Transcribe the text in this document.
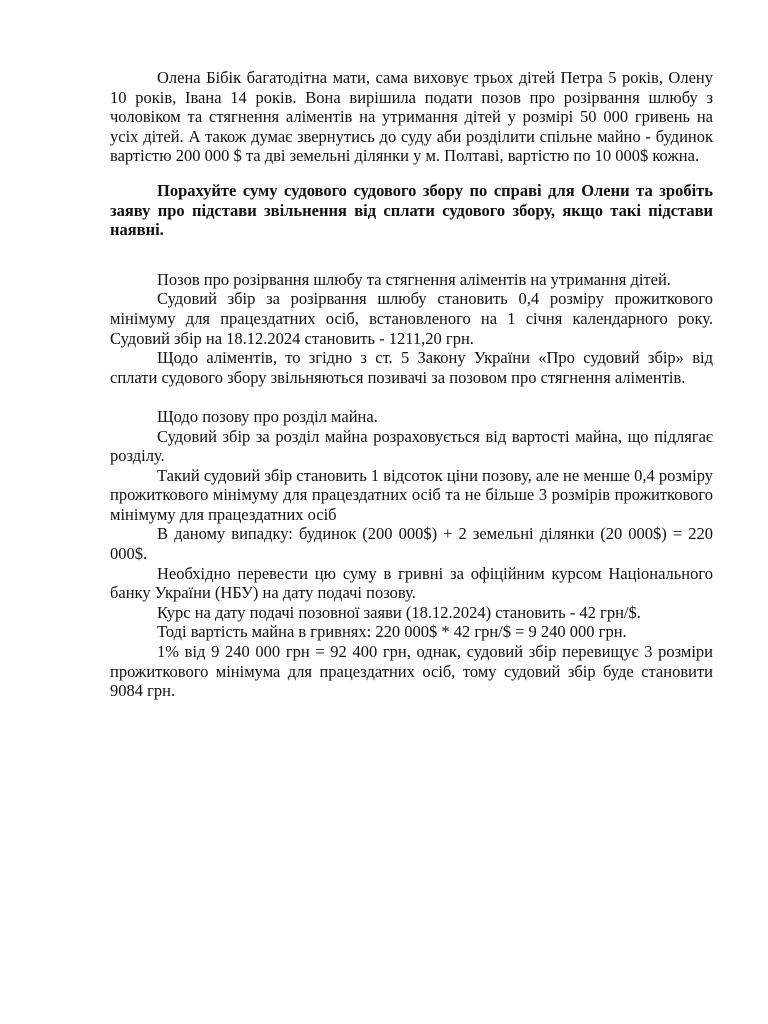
Олена Бібік багатодітна мати, сама виховує трьох дітей Петра 5 років, Олену 10 років, Івана 14 років. Вона вирішила подати позов про розірвання шлюбу з чоловіком та стягнення аліментів на утримання дітей у розмірі 50 000 гривень на усіх дітей. А також думає звернутись до суду аби розділити спільне майно - будинок вартістю 200 000 $ та дві земельні ділянки у м. Полтаві, вартістю по 10 000$ кожна.

Порахуйте суму судового судового збору по справі для Олени та зробіть заяву про підстави звільнення від сплати судового збору, якщо такі підстави наявні.

Позов про розірвання шлюбу та стягнення аліментів на утримання дітей.

Судовий збір за розірвання шлюбу становить 0,4 розміру прожиткового мінімуму для працездатних осіб, встановленого на 1 січня календарного року. Судовий збір на 18.12.2024 становить - 1211,20 грн.

Щодо аліментів, то згідно з ст. 5 Закону України «Про судовий збір» від сплати судового збору звільняються позивачі за позовом про стягнення аліментів.

Щодо позову про розділ майна.

Судовий збір за розділ майна розраховується від вартості майна, що підлягає розділу.

Такий судовий збір становить 1 відсоток ціни позову, але не менше 0,4 розміру прожиткового мінімуму для працездатних осіб та не більше 3 розмірів прожиткового мінімуму для працездатних осіб

В даному випадку: будинок (200 000$) + 2 земельні ділянки (20 000$) = 220 000$.

Необхідно перевести цю суму в гривні за офіційним курсом Національного банку України (НБУ) на дату подачі позову.

Курс на дату подачі позовної заяви (18.12.2024) становить - 42 грн/$.

Тоді вартість майна в гривнях: 220 000$ * 42 грн/$ = 9 240 000 грн.

1% від 9 240 000 грн = 92 400 грн, однак, судовий збір перевищує 3 розміри прожиткового мінімума для працездатних осіб, тому судовий збір буде становити 9084 грн.
